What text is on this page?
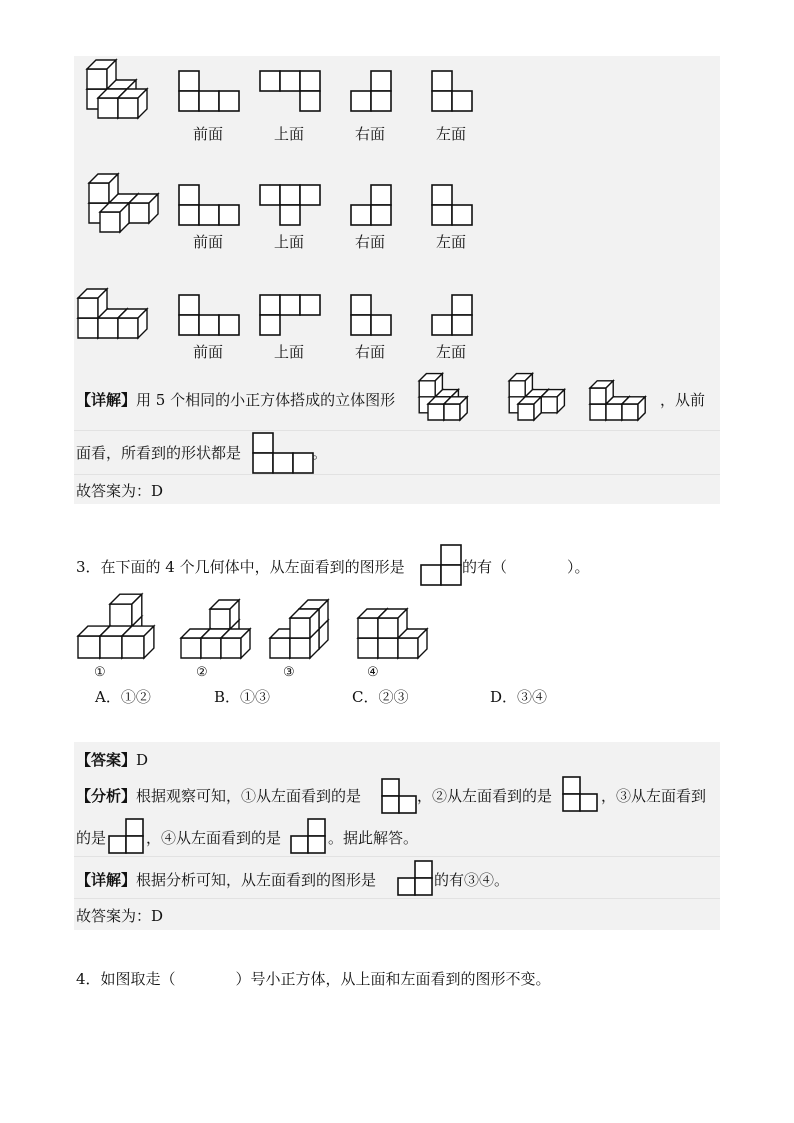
前面	上面	右面	左面
前面	上面	右面	左面
前面	上面	右面	左面
【详解】用 5 个相同的小正方体搭成的立体图形	，从前
面看，所看到的形状都是	。
故答案为：D
3．在下面的 4 个几何体中，从左面看到的图形是	的有（　　　　）。
①	②	③	④
A．①②	B．①③	C．②③	D．③④
【答案】D
【分析】根据观察可知，①从左面看到的是	，②从左面看到的是	，③从左面看到
的是	，④从左面看到的是	。据此解答。
【详解】根据分析可知，从左面看到的图形是	的有③④。
故答案为：D
4．如图取走（　　　　）号小正方体，从上面和左面看到的图形不变。
